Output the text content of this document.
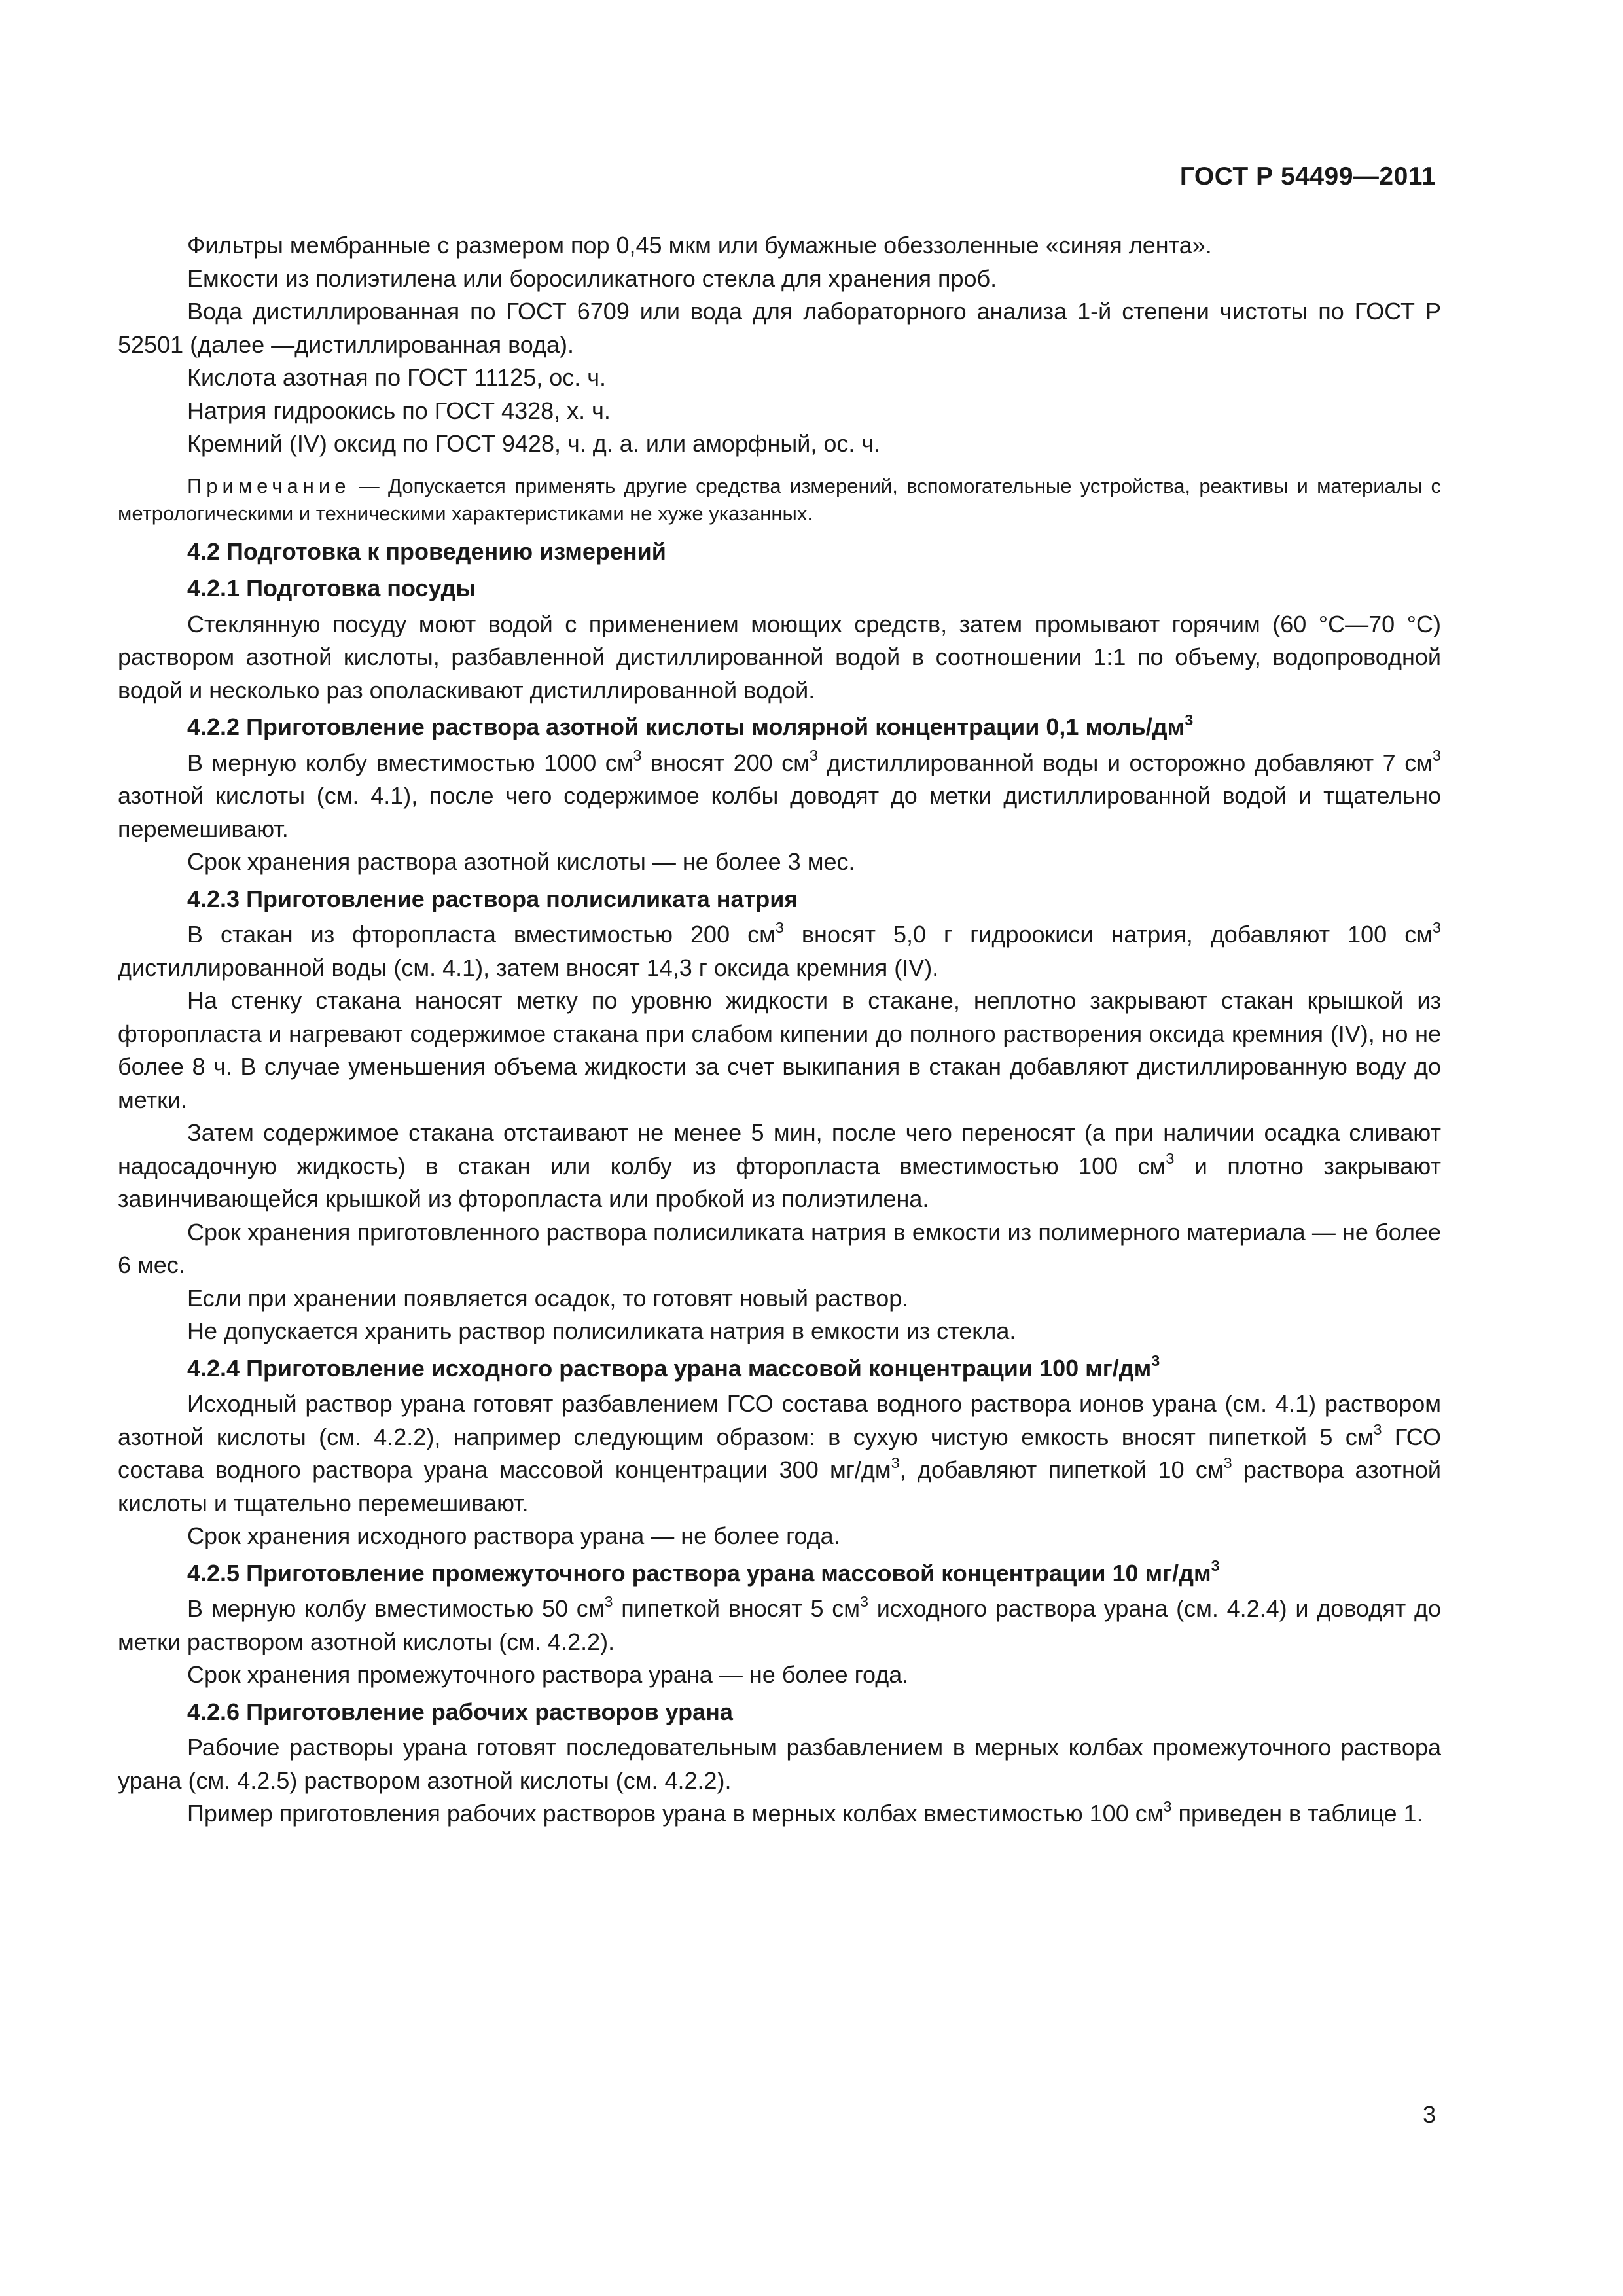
ГОСТ Р 54499—2011

Фильтры мембранные с размером пор 0,45 мкм или бумажные обеззоленные «синяя лента».

Емкости из полиэтилена или боросиликатного стекла для хранения проб.

Вода дистиллированная по ГОСТ 6709 или вода для лабораторного анализа 1-й степени чистоты по ГОСТ Р 52501 (далее —дистиллированная вода).

Кислота азотная по ГОСТ 11125, ос. ч.

Натрия гидроокись по ГОСТ 4328, х. ч.

Кремний (IV) оксид по ГОСТ 9428, ч. д. а. или аморфный, ос. ч.

Примечание — Допускается применять другие средства измерений, вспомогательные устройства, реактивы и материалы с метрологическими и техническими характеристиками не хуже указанных.

4.2 Подготовка к проведению измерений

4.2.1 Подготовка посуды

Стеклянную посуду моют водой с применением моющих средств, затем промывают горячим (60 °С—70 °С) раствором азотной кислоты, разбавленной дистиллированной водой в соотношении 1:1 по объему, водопроводной водой и несколько раз ополаскивают дистиллированной водой.

4.2.2 Приготовление раствора азотной кислоты молярной концентрации 0,1 моль/$дм^3$

В мерную колбу вместимостью 1000 $см^3$ вносят 200 $см^3$ дистиллированной воды и осторожно добавляют 7 $см^3$ азотной кислоты (см. 4.1), после чего содержимое колбы доводят до метки дистиллированной водой и тщательно перемешивают.

Срок хранения раствора азотной кислоты — не более 3 мес.

4.2.3 Приготовление раствора полисиликата натрия

В стакан из фторопласта вместимостью 200 $см^3$ вносят 5,0 г гидроокиси натрия, добавляют 100 $см^3$ дистиллированной воды (см. 4.1), затем вносят 14,3 г оксида кремния (IV).

На стенку стакана наносят метку по уровню жидкости в стакане, неплотно закрывают стакан крышкой из фторопласта и нагревают содержимое стакана при слабом кипении до полного растворения оксида кремния (IV), но не более 8 ч. В случае уменьшения объема жидкости за счет выкипания в стакан добавляют дистиллированную воду до метки.

Затем содержимое стакана отстаивают не менее 5 мин, после чего переносят (а при наличии осадка сливают надосадочную жидкость) в стакан или колбу из фторопласта вместимостью 100 $см^3$ и плотно закрывают завинчивающейся крышкой из фторопласта или пробкой из полиэтилена.

Срок хранения приготовленного раствора полисиликата натрия в емкости из полимерного материала — не более 6 мес.

Если при хранении появляется осадок, то готовят новый раствор.

Не допускается хранить раствор полисиликата натрия в емкости из стекла.

4.2.4 Приготовление исходного раствора урана массовой концентрации 100 $мг/дм^3$

Исходный раствор урана готовят разбавлением ГСО состава водного раствора ионов урана (см. 4.1) раствором азотной кислоты (см. 4.2.2), например следующим образом: в сухую чистую емкость вносят пипеткой 5 $см^3$ ГСО состава водного раствора урана массовой концентрации 300 $мг/дм^3$, добавляют пипеткой 10 $см^3$ раствора азотной кислоты и тщательно перемешивают.

Срок хранения исходного раствора урана — не более года.

4.2.5 Приготовление промежуточного раствора урана массовой концентрации 10 $мг/дм^3$

В мерную колбу вместимостью 50 $см^3$ пипеткой вносят 5 $см^3$ исходного раствора урана (см. 4.2.4) и доводят до метки раствором азотной кислоты (см. 4.2.2).

Срок хранения промежуточного раствора урана — не более года.

4.2.6 Приготовление рабочих растворов урана

Рабочие растворы урана готовят последовательным разбавлением в мерных колбах промежуточного раствора урана (см. 4.2.5) раствором азотной кислоты (см. 4.2.2).

Пример приготовления рабочих растворов урана в мерных колбах вместимостью 100 $см^3$ приведен в таблице 1.

3
